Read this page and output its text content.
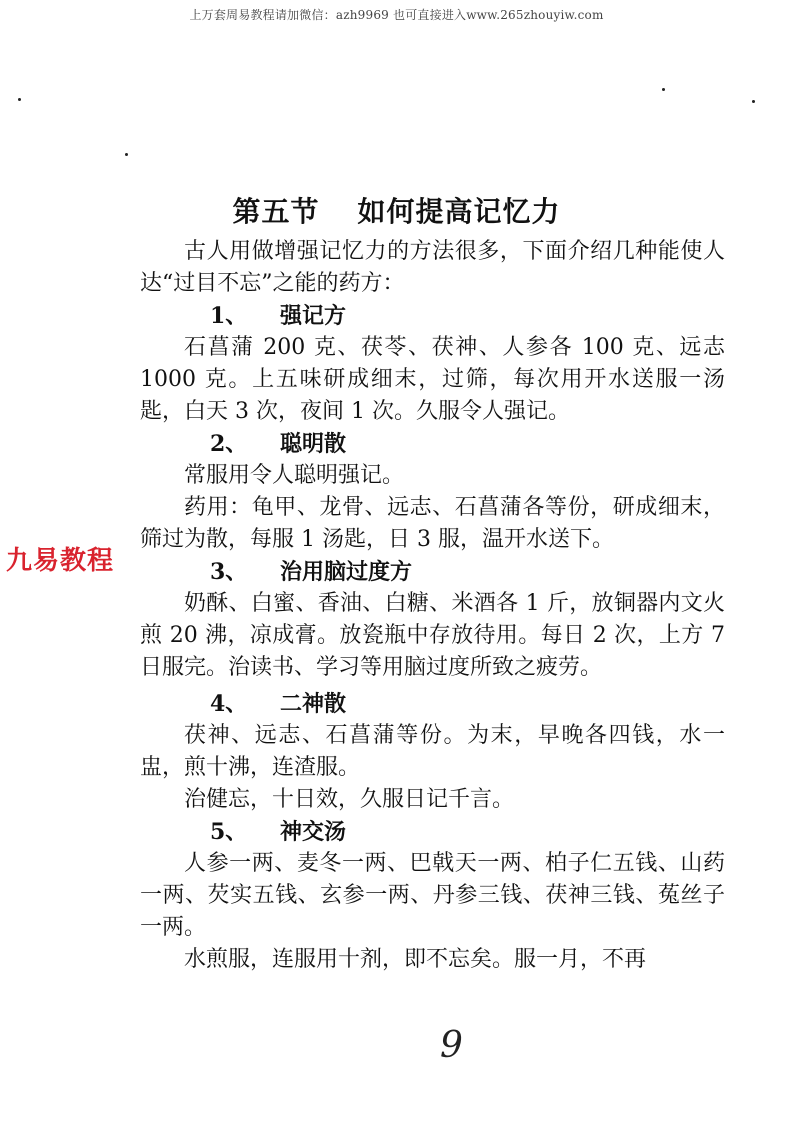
上万套周易教程请加微信：azh9969 也可直接进入www.265zhouyiw.com
第五节 如何提高记忆力
九易教程

古人用做增强记忆力的方法很多，下面介绍几种能使人达“过目不忘”之能的药方：

1、 强记方

石菖蒲 200 克、茯苓、茯神、人参各 100 克、远志 1000 克。上五味研成细末，过筛，每次用开水送服一汤匙，白天 3 次，夜间 1 次。久服令人强记。

2、 聪明散

常服用令人聪明强记。

药用：龟甲、龙骨、远志、石菖蒲各等份，研成细末，筛过为散，每服 1 汤匙，日 3 服，温开水送下。

3、 治用脑过度方

奶酥、白蜜、香油、白糖、米酒各 1 斤，放铜器内文火煎 20 沸，凉成膏。放瓷瓶中存放待用。每日 2 次，上方 7 日服完。治读书、学习等用脑过度所致之疲劳。

4、 二神散

茯神、远志、石菖蒲等份。为末，早晚各四钱，水一盅，煎十沸，连渣服。

治健忘，十日效，久服日记千言。

5、 神交汤

人参一两、麦冬一两、巴戟天一两、柏子仁五钱、山药一两、芡实五钱、玄参一两、丹参三钱、茯神三钱、菟丝子一两。

水煎服，连服用十剂，即不忘矣。服一月，不再

9
